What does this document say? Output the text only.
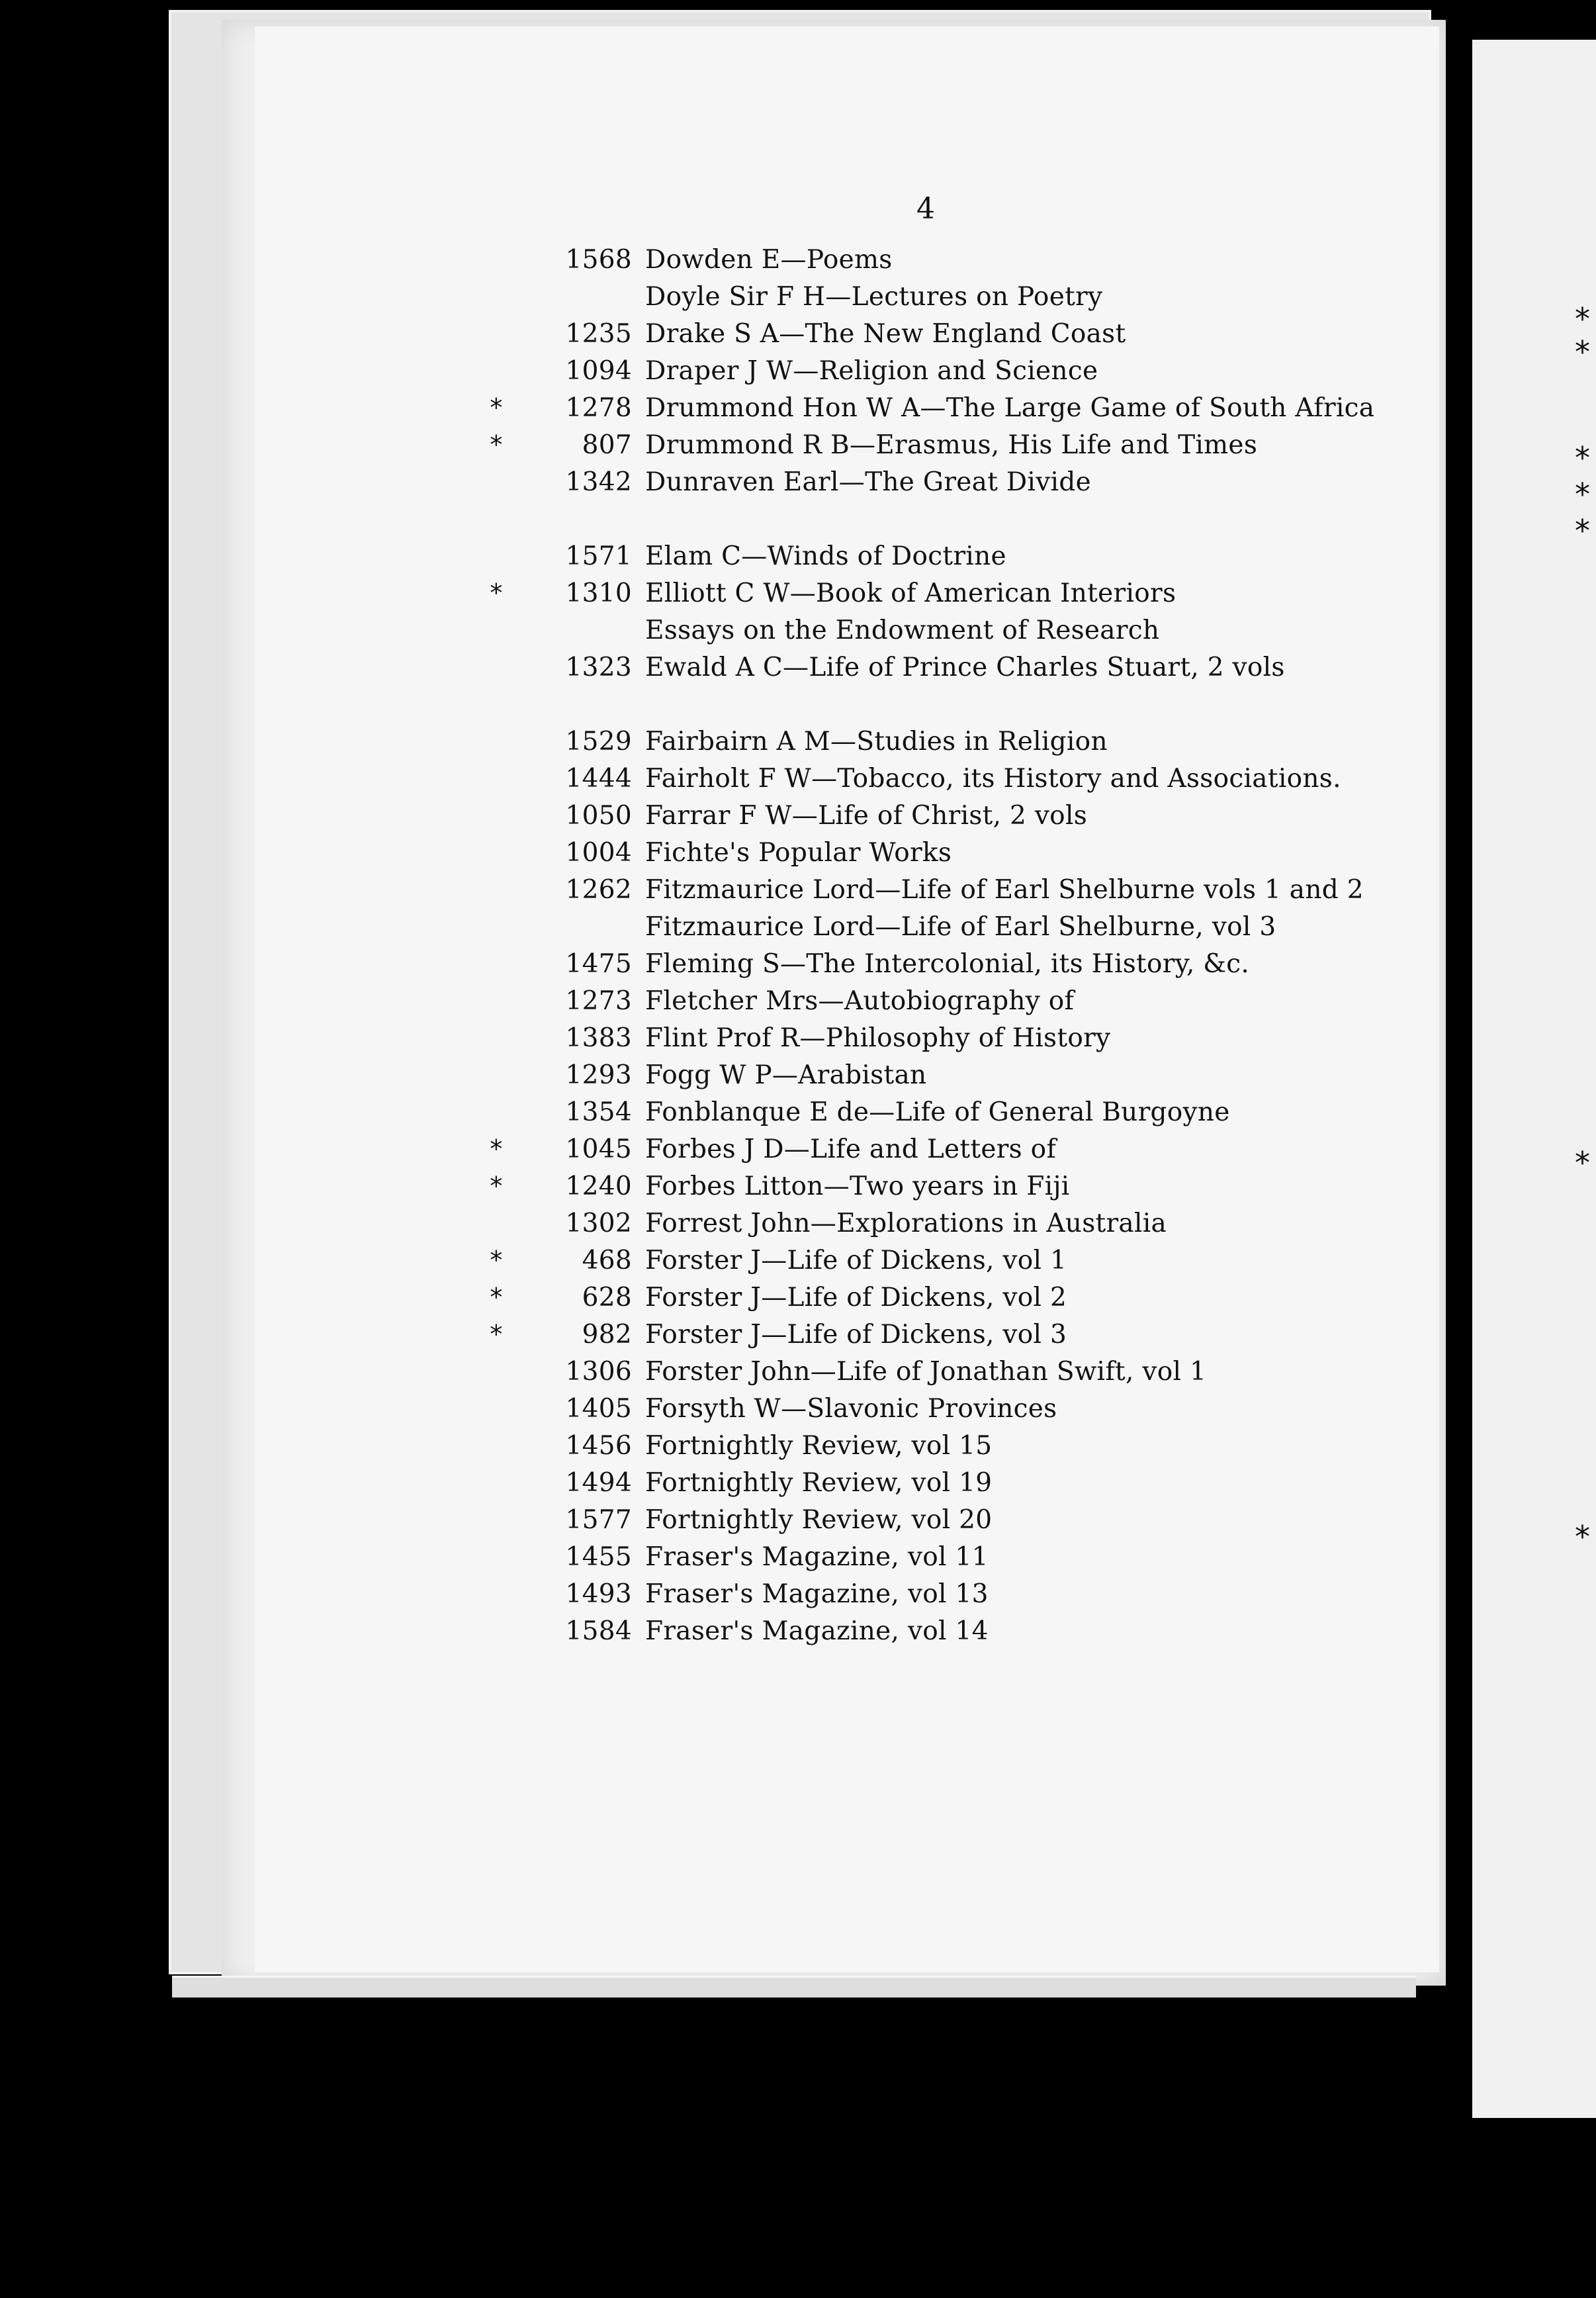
*
*
*
*
*
*
*
4
1568 Dowden E—Poems
Doyle Sir F H—Lectures on Poetry
1235 Drake S A—The New England Coast
1094 Draper J W—Religion and Science
*	1278 Drummond Hon W A—The Large Game of South Africa
*	807 Drummond R B—Erasmus, His Life and Times
1342 Dunraven Earl—The Great Divide
1571 Elam C—Winds of Doctrine
*	1310 Elliott C W—Book of American Interiors
Essays on the Endowment of Research
1323 Ewald A C—Life of Prince Charles Stuart, 2 vols
1529 Fairbairn A M—Studies in Religion
1444 Fairholt F W—Tobacco, its History and Associations.
1050 Farrar F W—Life of Christ, 2 vols
1004 Fichte's Popular Works
1262 Fitzmaurice Lord—Life of Earl Shelburne vols 1 and 2
Fitzmaurice Lord—Life of Earl Shelburne, vol 3
1475 Fleming S—The Intercolonial, its History, &c.
1273 Fletcher Mrs—Autobiography of
1383 Flint Prof R—Philosophy of History
1293 Fogg W P—Arabistan
1354 Fonblanque E de—Life of General Burgoyne
*	1045 Forbes J D—Life and Letters of
*	1240 Forbes Litton—Two years in Fiji
1302 Forrest John—Explorations in Australia
*	468 Forster J—Life of Dickens, vol 1
*	628 Forster J—Life of Dickens, vol 2
*	982 Forster J—Life of Dickens, vol 3
1306 Forster John—Life of Jonathan Swift, vol 1
1405 Forsyth W—Slavonic Provinces
1456 Fortnightly Review, vol 15
1494 Fortnightly Review, vol 19
1577 Fortnightly Review, vol 20
1455 Fraser's Magazine, vol 11
1493 Fraser's Magazine, vol 13
1584 Fraser's Magazine, vol 14
